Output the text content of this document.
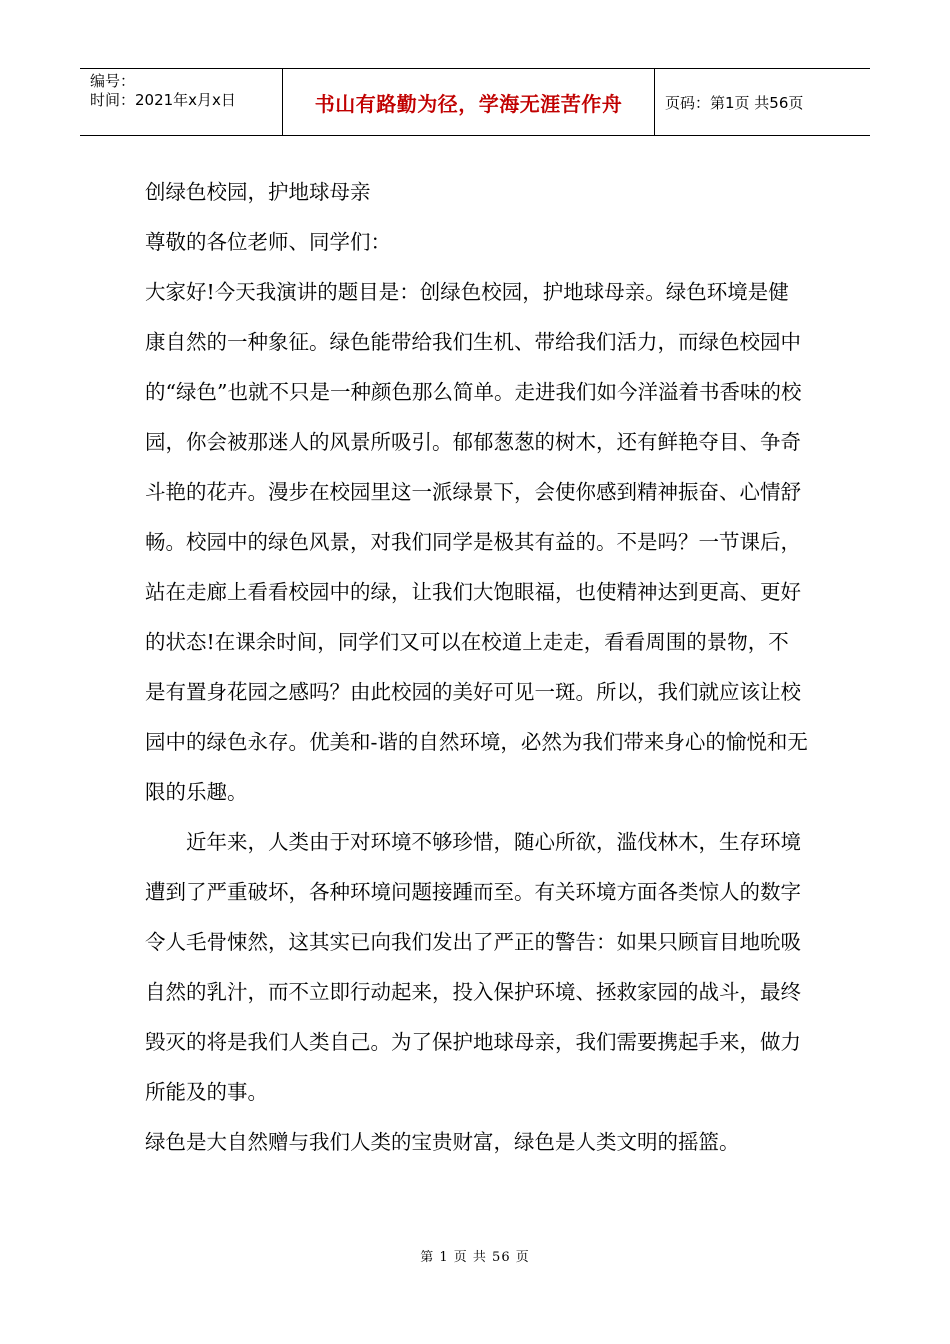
编号：
时间：2021年x月x日	书山有路勤为径，学海无涯苦作舟	页码：第1页 共56页

创绿色校园，护地球母亲

尊敬的各位老师、同学们：

大家好!今天我演讲的题目是：创绿色校园，护地球母亲。绿色环境是健康自然的一种象征。绿色能带给我们生机、带给我们活力，而绿色校园中的“绿色”也就不只是一种颜色那么简单。走进我们如今洋溢着书香味的校园，你会被那迷人的风景所吸引。郁郁葱葱的树木，还有鲜艳夺目、争奇斗艳的花卉。漫步在校园里这一派绿景下，会使你感到精神振奋、心情舒畅。校园中的绿色风景，对我们同学是极其有益的。不是吗？一节课后，站在走廊上看看校园中的绿，让我们大饱眼福，也使精神达到更高、更好的状态!在课余时间，同学们又可以在校道上走走，看看周围的景物，不是有置身花园之感吗？由此校园的美好可见一斑。所以，我们就应该让校园中的绿色永存。优美和-谐的自然环境，必然为我们带来身心的愉悦和无限的乐趣。

近年来，人类由于对环境不够珍惜，随心所欲，滥伐林木，生存环境遭到了严重破坏，各种环境问题接踵而至。有关环境方面各类惊人的数字令人毛骨悚然，这其实已向我们发出了严正的警告：如果只顾盲目地吮吸自然的乳汁，而不立即行动起来，投入保护环境、拯救家园的战斗，最终毁灭的将是我们人类自己。为了保护地球母亲，我们需要携起手来，做力所能及的事。

绿色是大自然赠与我们人类的宝贵财富，绿色是人类文明的摇篮。

第 1 页 共 56 页
